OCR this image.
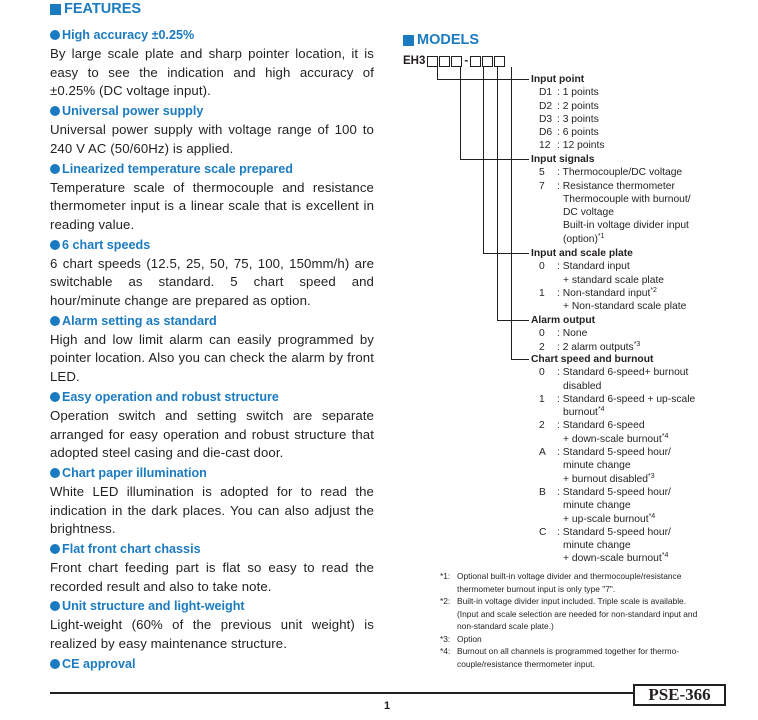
FEATURES
MODELS
High accuracy ±0.25%
By large scale plate and sharp pointer location, it is easy to see the indication and high accuracy of ±0.25% (DC voltage input).
Universal power supply
Universal power supply with voltage range of 100 to 240 V AC (50/60Hz) is applied.
Linearized temperature scale prepared
Temperature scale of thermocouple and resistance thermometer input is a linear scale that is excellent in reading value.
6 chart speeds
6 chart speeds (12.5, 25, 50, 75, 100, 150mm/h) are switchable as standard. 5 chart speed and hour/minute change are prepared as option.
Alarm setting as standard
High and low limit alarm can easily programmed by pointer location. Also you can check the alarm by front LED.
Easy operation and robust structure
Operation switch and setting switch are separate arranged for easy operation and robust structure that adopted steel casing and die-cast door.
Chart paper illumination
White LED illumination is adopted for to read the indication in the dark places. You can also adjust the brightness.
Flat front chart chassis
Front chart feeding part is flat so easy to read the recorded result and also to take note.
Unit structure and light-weight
Light-weight (60% of the previous unit weight) is realized by easy maintenance structure.
CE approval
EH3	-
Input point
D1 : 1 points
D2 : 2 points
D3 : 3 points
D6 : 6 points
12 : 12 points
Input signals
5	: Thermocouple/DC voltage
7	: Resistance thermometer
Thermocouple with burnout/
DC voltage
Built-in voltage divider input
(option)$^{*1}$
Input and scale plate
0	: Standard input
+ standard scale plate
1	: Non-standard input$^{*2}$
+ Non-standard scale plate
Alarm output
0	: None
2	: 2 alarm outputs$^{*3}$
Chart speed and burnout
0	: Standard 6-speed+ burnout
disabled
1	: Standard 6-speed + up-scale
burnout$^{*4}$
2	: Standard 6-speed
+ down-scale burnout$^{*4}$
A	: Standard 5-speed hour/
minute change
+ burnout disabled$^{*3}$
B	: Standard 5-speed hour/
minute change
+ up-scale burnout$^{*4}$
C	: Standard 5-speed hour/
minute change
+ down-scale burnout$^{*4}$
*1: Optional built-in voltage divider and thermocouple/resistance
thermometer burnout input is only type "7".
*2: Built-in voltage divider input included. Triple scale is available.
(Input and scale selection are needed for non-standard input and
non-standard scale plate.)
*3: Option
*4: Burnout on all channels is programmed together for thermo-
couple/resistance thermometer input.
1
PSE-366
